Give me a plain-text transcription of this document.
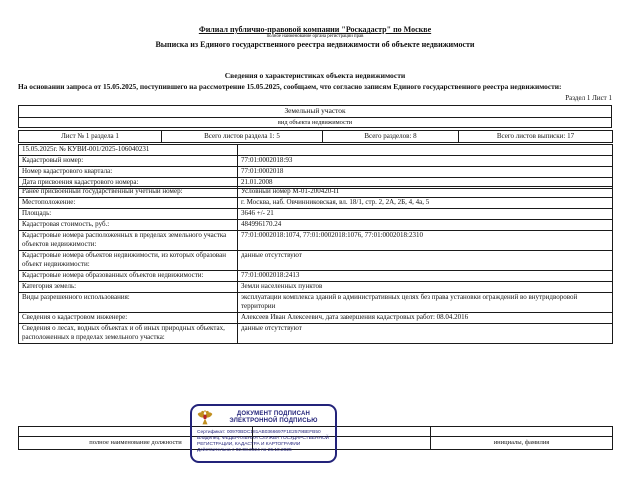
Филиал публично-правовой компании "Роскадастр" по Москве
полное наименование органа регистрации прав
Выписка из Единого государственного реестра недвижимости об объекте недвижимости
Сведения о характеристиках объекта недвижимости
На основании запроса от 15.05.2025, поступившего на рассмотрение 15.05.2025, сообщаем, что согласно записям Единого государственного реестра недвижимости:
Раздел 1 Лист 1
Земельный участок
вид объекта недвижимости
Лист № 1 раздела 1	Всего листов раздела 1: 5	Всего разделов: 8	Всего листов выписки: 17
15.05.2025г. № КУВИ-001/2025-106040231	
Кадастровый номер:	77:01:0002018:93
Номер кадастрового квартала:	77:01:0002018
Дата присвоения кадастрового номера:	21.01.2008
Ранее присвоенный государственный учетный номер:	Условный номер М-01-200420-П
Местоположение:	г. Москва, наб. Овчинниковская, вл. 18/1, стр. 2, 2А, 2Б, 4, 4а, 5
Площадь:	3646 +/- 21
Кадастровая стоимость, руб.:	484996170.24
Кадастровые номера расположенных в пределах земельного участка объектов недвижимости:	77:01:0002018:1074, 77:01:0002018:1076, 77:01:0002018:2310
Кадастровые номера объектов недвижимости, из которых образован объект недвижимости:	данные отсутствуют
Кадастровые номера образованных объектов недвижимости:	77:01:0002018:2413
Категория земель:	Земли населенных пунктов
Виды разрешенного использования:	эксплуатации комплекса зданий в административных целях без права установки ограждений во внутридворовой территории
Сведения о кадастровом инженере:	Алексеев Иван Алексеевич, дата завершения кадастровых работ: 08.04.2016
Сведения о лесах, водных объектах и об иных природных объектах, расположенных в пределах земельного участка:	данные отсутствуют

полное наименование должности		инициалы, фамилия
ДОКУМЕНТ ПОДПИСАН
ЭЛЕКТРОННОЙ ПОДПИСЬЮ
Сертификат: 00970BDC181AB0366697F1E2579BEFB50
Владелец: ФЕДЕРАЛЬНАЯ СЛУЖБА ГОСУДАРСТВЕННОЙ РЕГИСТРАЦИИ, КАДАСТРА И КАРТОГРАФИИ
Действительна с 02.08.2024 по 26.10.2025
